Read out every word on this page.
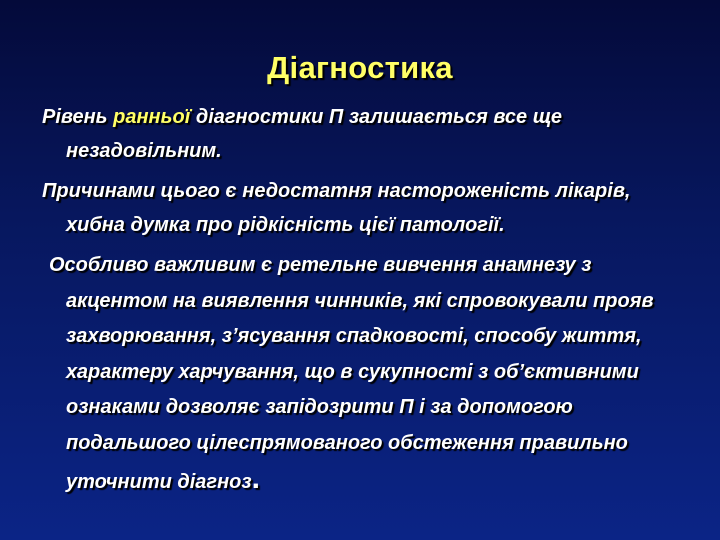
Діагностика

Рівень ранньої діагностики П залишається все ще незадовільним.

Причинами цього є недостатня настороженість лікарів, хибна думка про рідкісність цієї патології.

Особливо важливим є ретельне вивчення анамнезу з акцентом на виявлення чинників, які спровокували прояв захворювання, з’ясування спадковості, способу життя, характеру харчування, що в сукупності з об’єктивними ознаками дозволяє запідозрити П і за допомогою подальшого цілеспрямованого обстеження правильно уточнити діагноз.
